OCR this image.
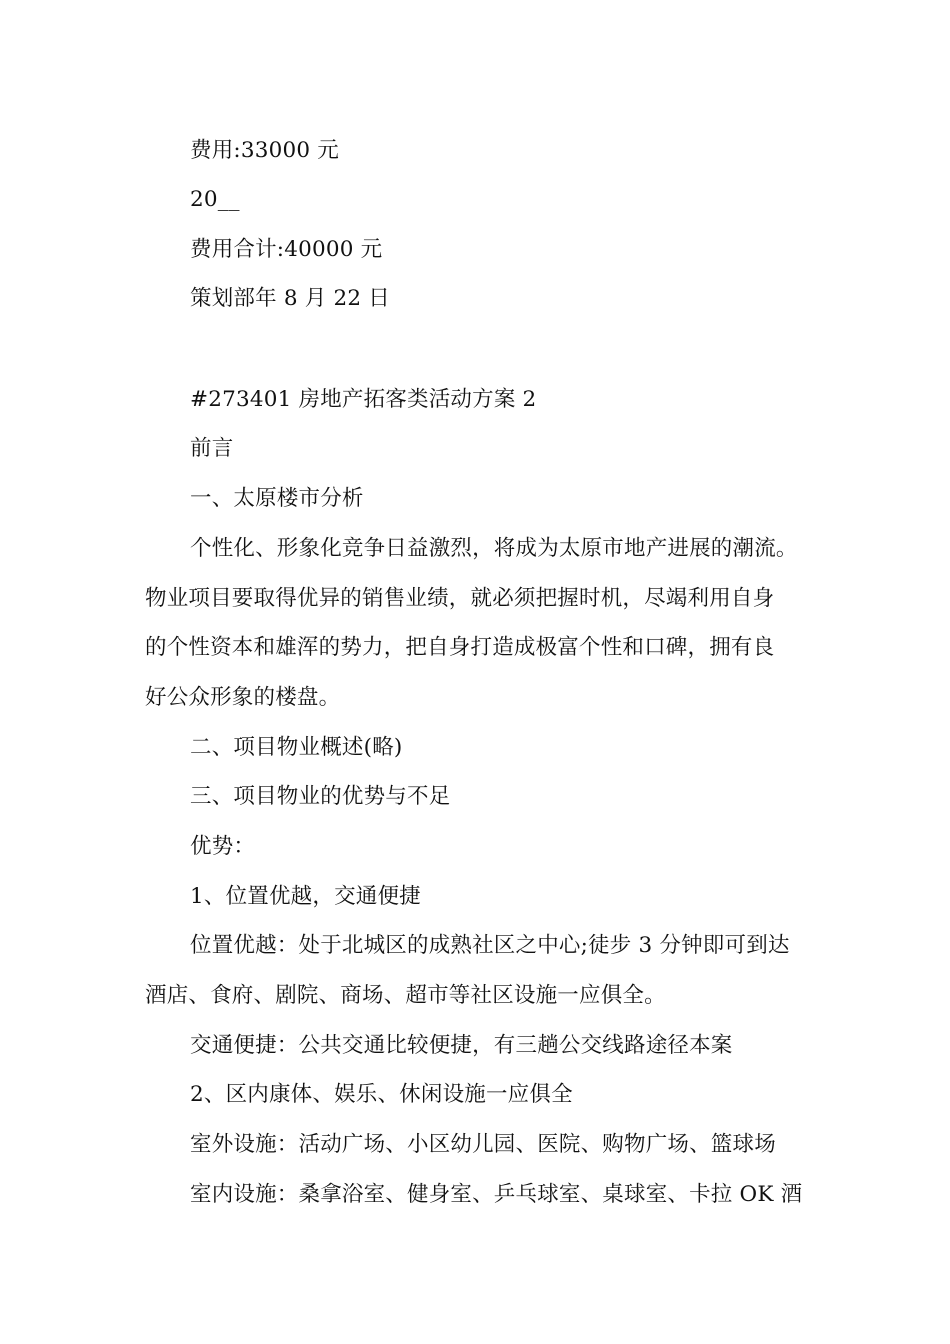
费用:33000 元
20__
费用合计:40000 元
策划部年 8 月 22 日
#273401 房地产拓客类活动方案 2
前言
一、太原楼市分析
个性化、形象化竞争日益激烈，将成为太原市地产进展的潮流。
物业项目要取得优异的销售业绩，就必须把握时机，尽竭利用自身
的个性资本和雄浑的势力，把自身打造成极富个性和口碑，拥有良
好公众形象的楼盘。
二、项目物业概述(略)
三、项目物业的优势与不足
优势：
1、位置优越，交通便捷
位置优越：处于北城区的成熟社区之中心;徒步 3 分钟即可到达
酒店、食府、剧院、商场、超市等社区设施一应俱全。
交通便捷：公共交通比较便捷，有三趟公交线路途径本案
2、区内康体、娱乐、休闲设施一应俱全
室外设施：活动广场、小区幼儿园、医院、购物广场、篮球场
室内设施：桑拿浴室、健身室、乒乓球室、桌球室、卡拉 OK 酒
